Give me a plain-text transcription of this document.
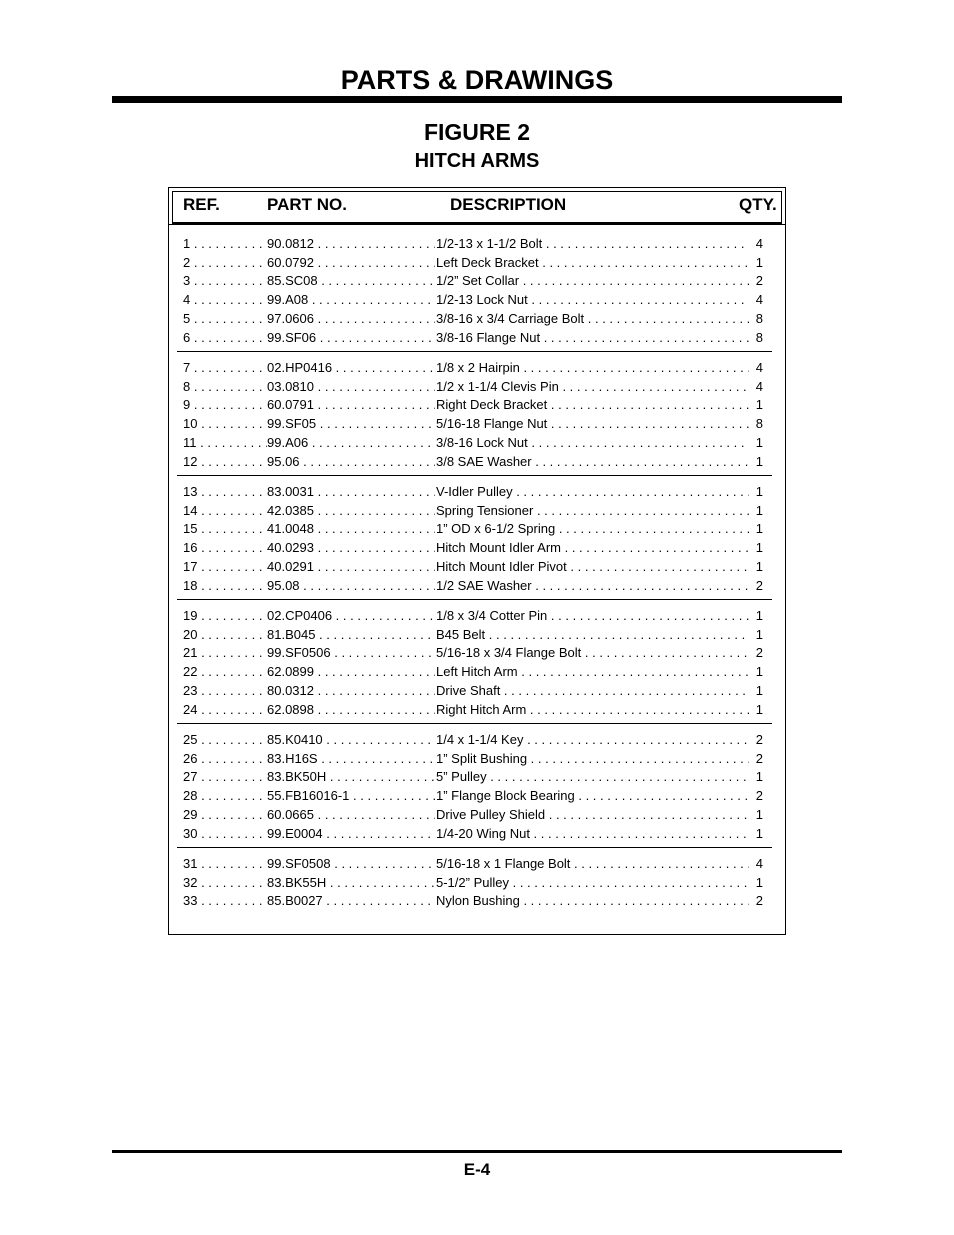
PARTS & DRAWINGS
FIGURE 2
HITCH ARMS
REF.	PART NO.	DESCRIPTION	QTY.
1 . . .	90.0812 . . .	1/2-13 x 1-1/2 Bolt . . .	4
2 . . .	60.0792 . . .	Left Deck Bracket . . .	1
3 . . .	85.SC08 . . .	1/2” Set Collar . . .	2
4 . . .	99.A08 . . .	1/2-13 Lock Nut . . .	4
5 . . .	97.0606 . . .	3/8-16 x 3/4 Carriage Bolt . . .	8
6 . . .	99.SF06 . . .	3/8-16 Flange Nut . . .	8
7 . . .	02.HP0416 . . .	1/8 x 2 Hairpin . . .	4
8 . . .	03.0810 . . .	1/2 x 1-1/4 Clevis Pin . . .	4
9 . . .	60.0791 . . .	Right Deck Bracket . . .	1
10 . . .	99.SF05 . . .	5/16-18 Flange Nut . . .	8
11 . . .	99.A06 . . .	3/8-16 Lock Nut . . .	1
12 . . .	95.06 . . .	3/8 SAE Washer . . .	1
13 . . .	83.0031 . . .	V-Idler Pulley . . .	1
14 . . .	42.0385 . . .	Spring Tensioner . . .	1
15 . . .	41.0048 . . .	1” OD x 6-1/2 Spring . . .	1
16 . . .	40.0293 . . .	Hitch Mount Idler Arm . . .	1
17 . . .	40.0291 . . .	Hitch Mount Idler Pivot . . .	1
18 . . .	95.08 . . .	1/2 SAE Washer . . .	2
19 . . .	02.CP0406 . . .	1/8 x 3/4 Cotter Pin . . .	1
20 . . .	81.B045 . . .	B45 Belt . . .	1
21 . . .	99.SF0506 . . .	5/16-18 x 3/4 Flange Bolt . . .	2
22 . . .	62.0899 . . .	Left Hitch Arm . . .	1
23 . . .	80.0312 . . .	Drive Shaft . . .	1
24 . . .	62.0898 . . .	Right Hitch Arm . . .	1
25 . . .	85.K0410 . . .	1/4 x 1-1/4 Key . . .	2
26 . . .	83.H16S . . .	1” Split Bushing . . .	2
27 . . .	83.BK50H . . .	5” Pulley . . .	1
28 . . .	55.FB16016-1 . . .	1” Flange Block Bearing . . .	2
29 . . .	60.0665 . . .	Drive Pulley Shield . . .	1
30 . . .	99.E0004 . . .	1/4-20 Wing Nut . . .	1
31 . . .	99.SF0508 . . .	5/16-18 x 1 Flange Bolt . . .	4
32 . . .	83.BK55H . . .	5-1/2” Pulley . . .	1
33 . . .	85.B0027 . . .	Nylon Bushing . . .	2
E-4
